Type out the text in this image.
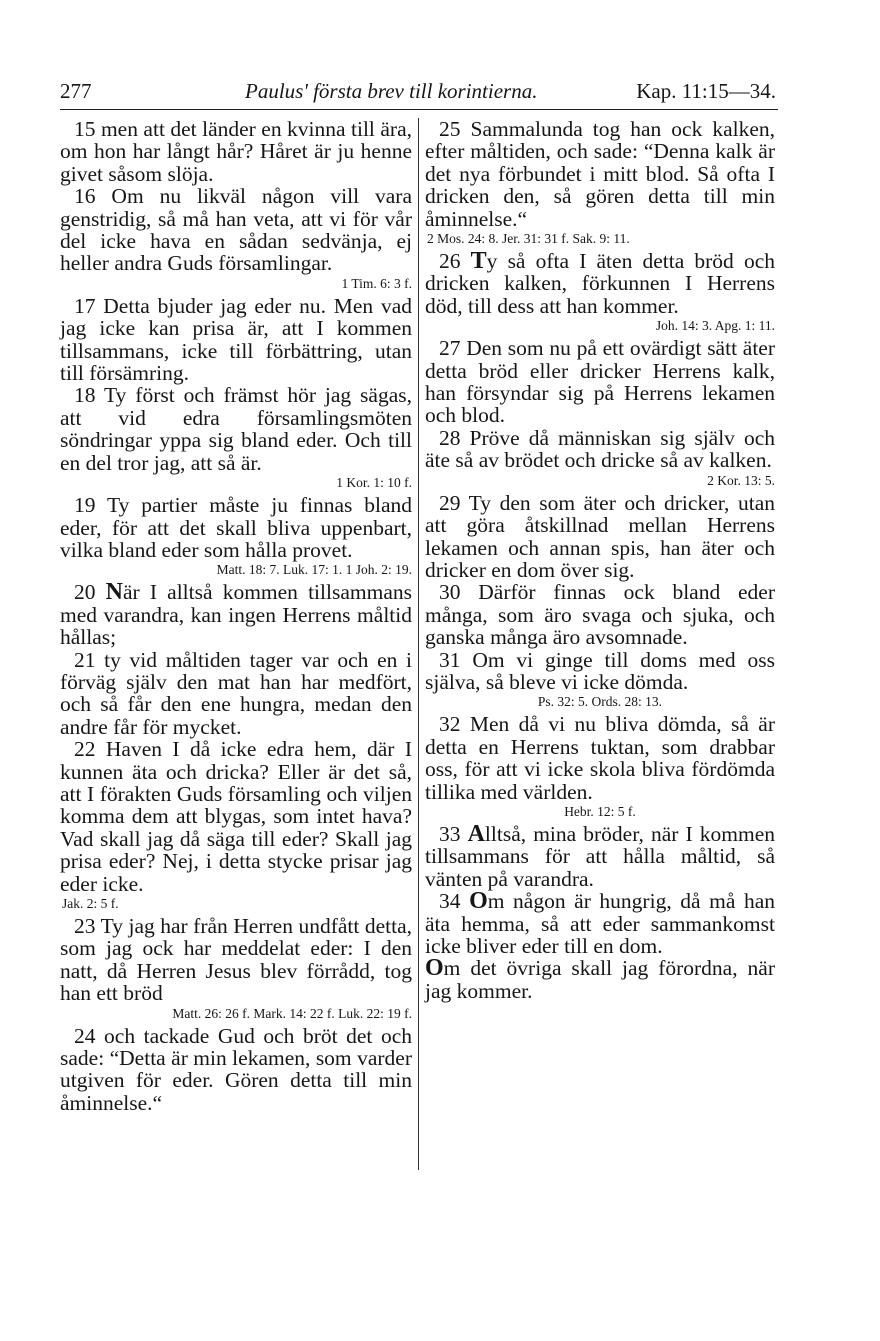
277	Paulus' första brev till korintierna.	Kap. 11:15—34.

15 men att det länder en kvinna till ära, om hon har långt hår? Håret är ju henne givet såsom slöja.

16 Om nu likväl någon vill vara genstridig, så må han veta, att vi för vår del icke hava en sådan sedvänja, ej heller andra Guds församlingar.

1 Tim. 6: 3 f.

17 Detta bjuder jag eder nu. Men vad jag icke kan prisa är, att I kommen tillsammans, icke till förbättring, utan till försämring.

18 Ty först och främst hör jag sägas, att vid edra församlingsmöten söndringar yppa sig bland eder. Och till en del tror jag, att så är.

1 Kor. 1: 10 f.

19 Ty partier måste ju finnas bland eder, för att det skall bliva uppenbart, vilka bland eder som hålla provet.

Matt. 18: 7. Luk. 17: 1. 1 Joh. 2: 19.

20 När I alltså kommen tillsammans med varandra, kan ingen Herrens måltid hållas;

21 ty vid måltiden tager var och en i förväg själv den mat han har medfört, och så får den ene hungra, medan den andre får för mycket.

22 Haven I då icke edra hem, där I kunnen äta och dricka? Eller är det så, att I förakten Guds församling och viljen komma dem att blygas, som intet hava? Vad skall jag då säga till eder? Skall jag prisa eder? Nej, i detta stycke prisar jag eder icke.

Jak. 2: 5 f.

23 Ty jag har från Herren undfått detta, som jag ock har meddelat eder: I den natt, då Herren Jesus blev förrådd, tog han ett bröd

Matt. 26: 26 f. Mark. 14: 22 f. Luk. 22: 19 f.

24 och tackade Gud och bröt det och sade: “Detta är min lekamen, som varder utgiven för eder. Gören detta till min åminnelse.“

25 Sammalunda tog han ock kalken, efter måltiden, och sade: “Denna kalk är det nya förbundet i mitt blod. Så ofta I dricken den, så gören detta till min åminnelse.“

2 Mos. 24: 8. Jer. 31: 31 f. Sak. 9: 11.

26 Ty så ofta I äten detta bröd och dricken kalken, förkunnen I Herrens död, till dess att han kommer.

Joh. 14: 3. Apg. 1: 11.

27 Den som nu på ett ovärdigt sätt äter detta bröd eller dricker Herrens kalk, han försyndar sig på Herrens lekamen och blod.

28 Pröve då människan sig själv och äte så av brödet och dricke så av kalken.

2 Kor. 13: 5.

29 Ty den som äter och dricker, utan att göra åtskillnad mellan Herrens lekamen och annan spis, han äter och dricker en dom över sig.

30 Därför finnas ock bland eder många, som äro svaga och sjuka, och ganska många äro avsomnade.

31 Om vi ginge till doms med oss själva, så bleve vi icke dömda.

Ps. 32: 5. Ords. 28: 13.

32 Men då vi nu bliva dömda, så är detta en Herrens tuktan, som drabbar oss, för att vi icke skola bliva fördömda tillika med världen.

Hebr. 12: 5 f.

33 Alltså, mina bröder, när I kommen tillsammans för att hålla måltid, så vänten på varandra.

34 Om någon är hungrig, då må han äta hemma, så att eder sammankomst icke bliver eder till en dom.

Om det övriga skall jag förordna, när jag kommer.
